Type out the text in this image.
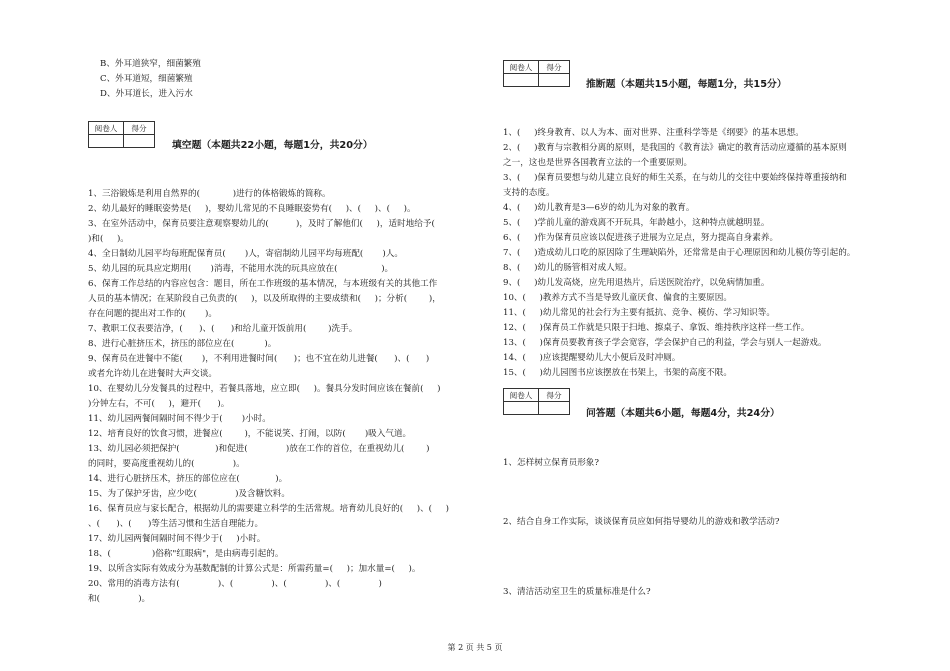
B、外耳道狭窄，细菌繁殖
C、外耳道短，细菌繁殖
D、外耳道长，进入污水
阅卷人	得分

填空题（本题共22小题，每题1分，共20分）
1、三浴锻炼是利用自然界的(            )进行的体格锻炼的简称。
2、幼儿最好的睡眠姿势是(     )，婴幼儿常见的不良睡眠姿势有(     )、(     )、(     )。
3、在室外活动中，保育员要注意观察婴幼儿的(          )，及时了解他们(     )，适时地给予(
)和(     )。
4、全日制幼儿园平均每班配保育员(       )人，寄宿制幼儿园平均每班配(       )人。
5、幼儿园的玩具应定期用(       )消毒，不能用水洗的玩具应放在(                )。
6、保育工作总结的内容应包含：题目，所在工作班级的基本情况，与本班级有关的其他工作
人员的基本情况；在某阶段自己负责的(     )，以及所取得的主要成绩和(     )；分析(        )，
存在问题的提出对工作的(       )。
7、教职工仪表要洁净，(      )、(      )和给儿童开饭前用(        )洗手。
8、进行心脏挤压术，挤压的部位应在(           )。
9、保育员在进餐中不能(       )，不利用进餐时间(      )；也不宜在幼儿进餐(      )、(      )
或者允许幼儿在进餐时大声交谈。
10、在婴幼儿分发餐具的过程中，若餐具落地，应立即(     )。餐具分发时间应该在餐前(     )
)分钟左右，不可(     )，避开(      )。
11、幼儿园两餐间隔时间不得少于(       )小时。
12、培育良好的饮食习惯，进餐应(        )，不能说笑、打闹，以防(       )吸入气道。
13、幼儿园必须把保护(             )和促进(              )放在工作的首位，在重视幼儿(        )
的同时，要高度重视幼儿的(              )。
14、进行心脏挤压术，挤压的部位应在(             )。
15、为了保护牙齿，应少吃(              )及含糖饮料。
16、保育员应与家长配合，根据幼儿的需要建立科学的生活常规。培育幼儿良好的(     )、(     )
、(      )、(      )等生活习惯和生活自理能力。
17、幼儿园两餐间隔时间不得少于(     )小时。
18、(               )俗称"红眼病"，是由病毒引起的。
19、以所含实际有效成分为基数配制的计算公式是：所需药量=(     )；加水量=(     )。
20、常用的消毒方法有(              )、(              )、(              )、(              )
和(              )。
阅卷人	得分

推断题（本题共15小题，每题1分，共15分）
1、(     )终身教育、以人为本、面对世界、注重科学等是《纲要》的基本思想。
2、(     )教育与宗教相分离的原则，是我国的《教育法》确定的教育活动应遵循的基本原则
之一，这也是世界各国教育立法的一个重要原则。
3、(     )保育员要想与幼儿建立良好的师生关系，在与幼儿的交往中要始终保持尊重接纳和
支持的态度。
4、(     )幼儿教育是3—6岁的幼儿为对象的教育。
5、(     )学前儿童的游戏离不开玩具，年龄越小，这种特点就越明显。
6、(     )作为保育员应该以促进孩子进展为立足点，努力提高自身素养。
7、(     )造成幼儿口吃的原因除了生理缺陷外，还常常是由于心理原因和幼儿模仿等引起的。
8、(     )幼儿的肠管相对成人短。
9、(     )幼儿发高烧，应先用退热片，后送医院治疗，以免病情加重。
10、(     )教养方式不当是导致儿童厌食、偏食的主要原因。
11、(     )幼儿常见的社会行为主要有抵抗、竞争、模仿、学习知识等。
12、(     )保育员工作就是只限于扫地、擦桌子、拿饭、维持秩序这样一些工作。
13、(     )保育员要教育孩子学会宽容，学会保护自己的利益，学会与别人一起游戏。
14、(     )应该提醒婴幼儿大小便后及时冲厕。
15、(     )幼儿园图书应该摆放在书架上，书架的高度不限。
阅卷人	得分

问答题（本题共6小题，每题4分，共24分）
1、怎样树立保育员形象?
2、结合自身工作实际，谈谈保育员应如何指导婴幼儿的游戏和教学活动?
3、清洁活动室卫生的质量标准是什么?
第 2 页 共 5 页
